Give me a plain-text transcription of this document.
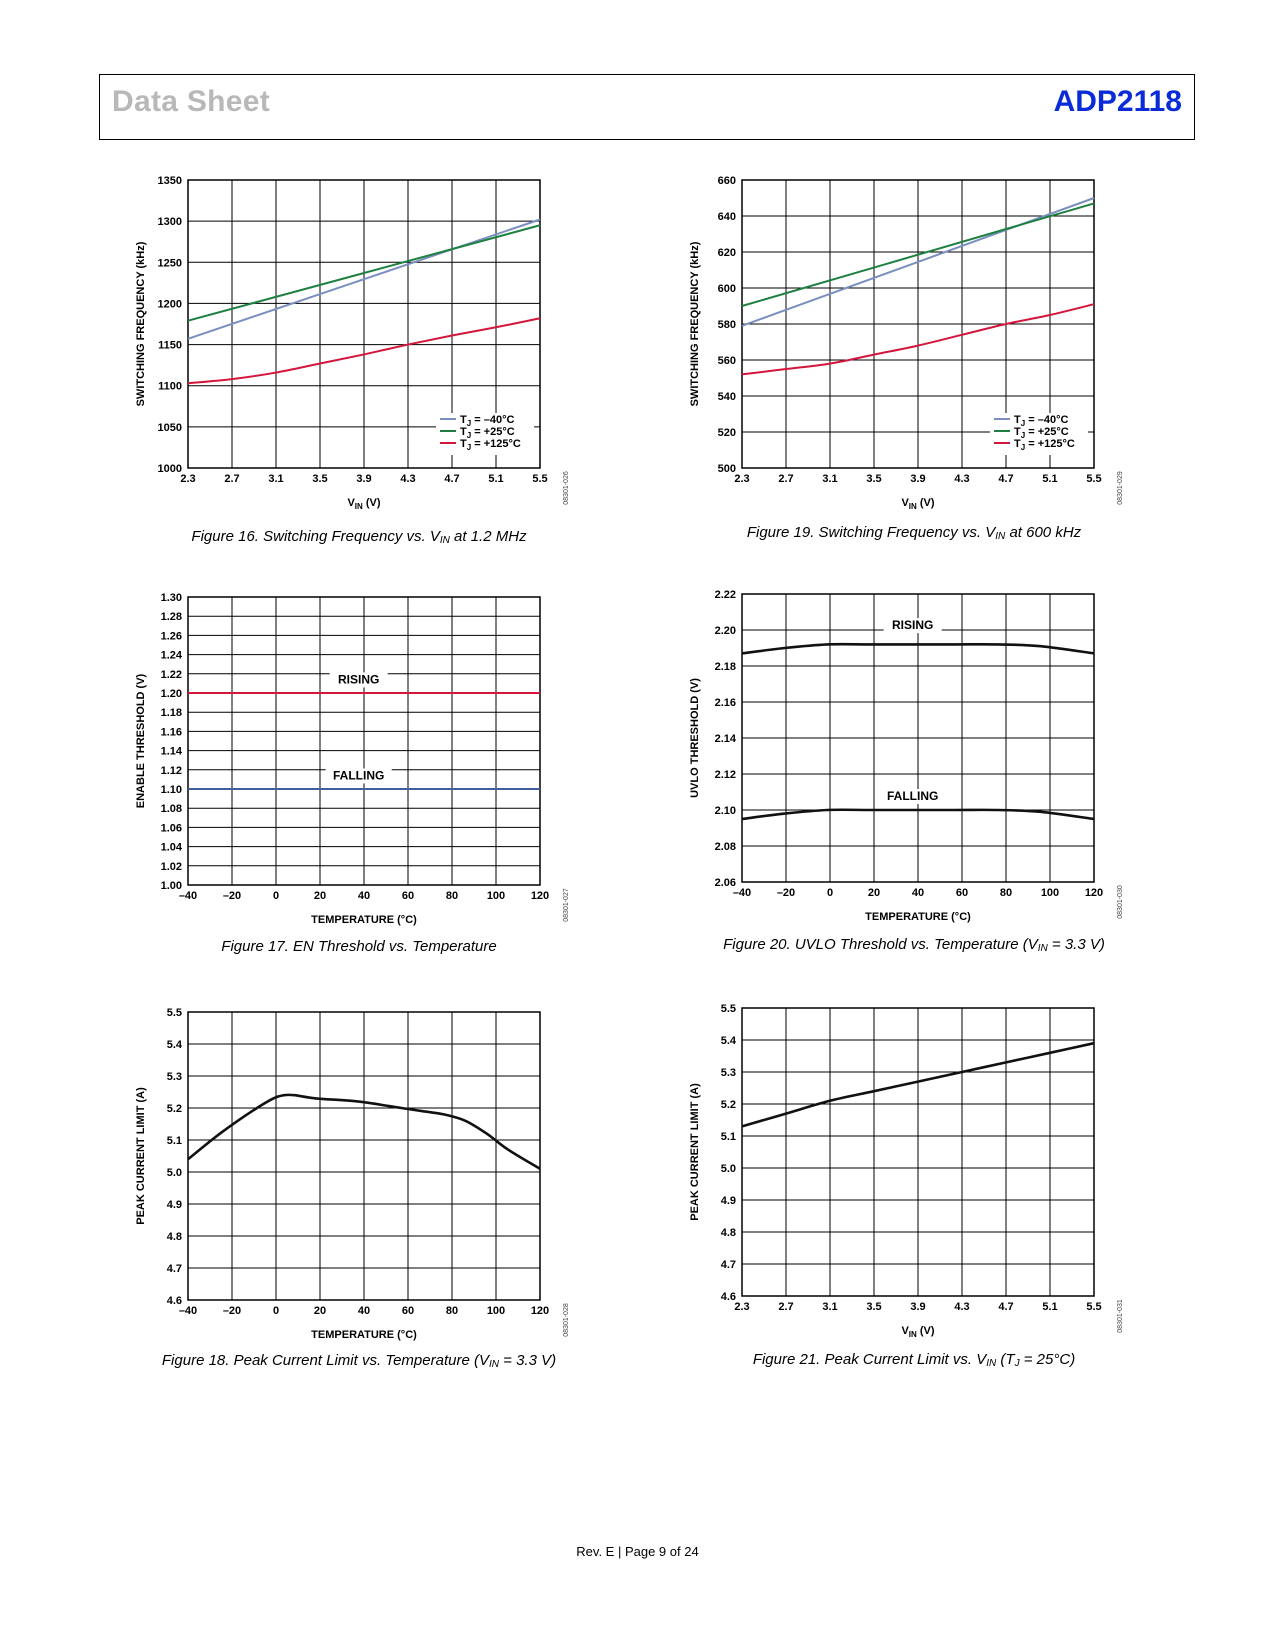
Data Sheet	ADP2118
2.3	2.7	3.1	3.5	3.9	4.3	4.7	5.1	5.5
1000
1050
1100
1150
1200
1250
1300
1350
$V_{IN}$ (V)
SWITCHING FREQUENCY (kHz)
08301-026
$T_J = -40^\circ C$
$T_J = +25^\circ C$
$T_J = +125^\circ C$
Figure 16. Switching Frequency vs. $V_{IN}$ at 1.2 MHz
2.3	2.7	3.1	3.5	3.9	4.3	4.7	5.1	5.5
500
520
540
560
580
600
620
640
660
$V_{IN}$ (V)
SWITCHING FREQUENCY (kHz)
08301-029
$T_J = -40^\circ C$
$T_J = +25^\circ C$
$T_J = +125^\circ C$
Figure 19. Switching Frequency vs. $V_{IN}$ at 600 kHz
–40 –20	0	20	40	60	80	100 120
1.00
1.02
1.04
1.06
1.08
1.10
1.12
1.14
1.16
1.18
1.20
1.22
1.24
1.26
1.28
1.30
TEMPERATURE (°C)
ENABLE THRESHOLD (V)
08301-027
RISING
FALLING
Figure 17. EN Threshold vs. Temperature
–40 –20	0	20	40	60	80	100 120
2.06
2.08
2.10
2.12
2.14
2.16
2.18
2.20
2.22
TEMPERATURE (°C)
UVLO THRESHOLD (V)
08301-030
RISING
FALLING
Figure 20. UVLO Threshold vs. Temperature ($V_{IN} = 3.3$ V)
–40 –20	0	20	40	60	80	100 120
4.6
4.7
4.8
4.9
5.0
5.1
5.2
5.3
5.4
5.5
TEMPERATURE (°C)
PEAK CURRENT LIMIT (A)
08301-028
Figure 18. Peak Current Limit vs. Temperature ($V_{IN} = 3.3$ V)
2.3	2.7	3.1	3.5	3.9	4.3	4.7	5.1	5.5
4.6
4.7
4.8
4.9
5.0
5.1
5.2
5.3
5.4
5.5
$V_{IN}$ (V)
PEAK CURRENT LIMIT (A)
08301-031
Figure 21. Peak Current Limit vs. $V_{IN}$ $(T_J = 25^\circ C)$
Rev. E | Page 9 of 24
